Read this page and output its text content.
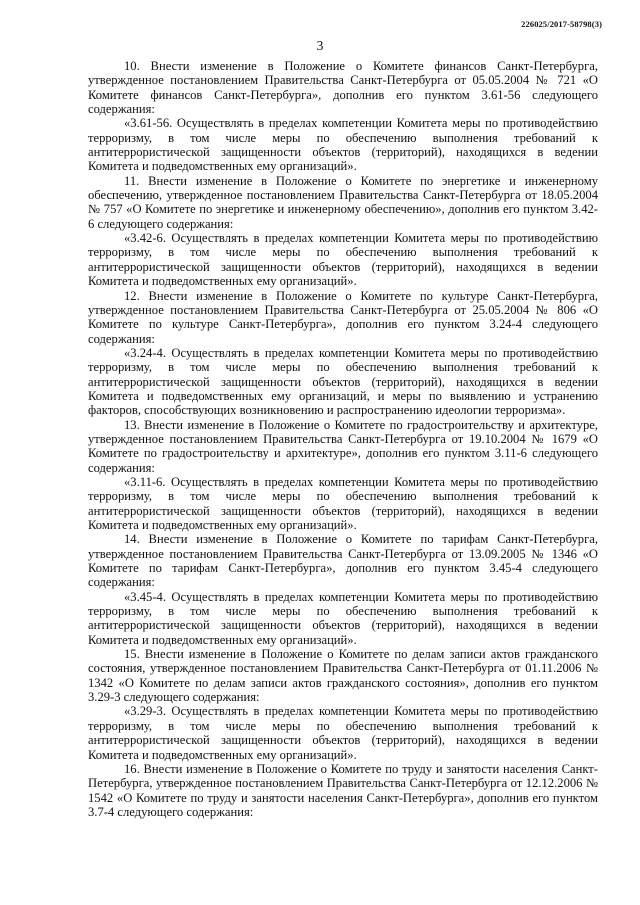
226025/2017-58798(3)
3

10. Внести изменение в Положение о Комитете финансов Санкт-Петербурга, утвержденное постановлением Правительства Санкт-Петербурга от 05.05.2004 № 721 «О Комитете финансов Санкт-Петербурга», дополнив его пунктом 3.61-56 следующего содержания:

«3.61-56. Осуществлять в пределах компетенции Комитета меры по противодействию терроризму, в том числе меры по обеспечению выполнения требований к антитеррористической защищенности объектов (территорий), находящихся в ведении Комитета и подведомственных ему организаций».

11. Внести изменение в Положение о Комитете по энергетике и инженерному обеспечению, утвержденное постановлением Правительства Санкт-Петербурга от 18.05.2004 № 757 «О Комитете по энергетике и инженерному обеспечению», дополнив его пунктом 3.42-6 следующего содержания:

«3.42-6. Осуществлять в пределах компетенции Комитета меры по противодействию терроризму, в том числе меры по обеспечению выполнения требований к антитеррористической защищенности объектов (территорий), находящихся в ведении Комитета и подведомственных ему организаций».

12. Внести изменение в Положение о Комитете по культуре Санкт-Петербурга, утвержденное постановлением Правительства Санкт-Петербурга от 25.05.2004 № 806 «О Комитете по культуре Санкт-Петербурга», дополнив его пунктом 3.24-4 следующего содержания:

«3.24-4. Осуществлять в пределах компетенции Комитета меры по противодействию терроризму, в том числе меры по обеспечению выполнения требований к антитеррористической защищенности объектов (территорий), находящихся в ведении Комитета и подведомственных ему организаций, и меры по выявлению и устранению факторов, способствующих возникновению и распространению идеологии терроризма».

13. Внести изменение в Положение о Комитете по градостроительству и архитектуре, утвержденное постановлением Правительства Санкт-Петербурга от 19.10.2004 № 1679 «О Комитете по градостроительству и архитектуре», дополнив его пунктом 3.11-6 следующего содержания:

«3.11-6. Осуществлять в пределах компетенции Комитета меры по противодействию терроризму, в том числе меры по обеспечению выполнения требований к антитеррористической защищенности объектов (территорий), находящихся в ведении Комитета и подведомственных ему организаций».

14. Внести изменение в Положение о Комитете по тарифам Санкт-Петербурга, утвержденное постановлением Правительства Санкт-Петербурга от 13.09.2005 № 1346 «О Комитете по тарифам Санкт-Петербурга», дополнив его пунктом 3.45-4 следующего содержания:

«3.45-4. Осуществлять в пределах компетенции Комитета меры по противодействию терроризму, в том числе меры по обеспечению выполнения требований к антитеррористической защищенности объектов (территорий), находящихся в ведении Комитета и подведомственных ему организаций».

15. Внести изменение в Положение о Комитете по делам записи актов гражданского состояния, утвержденное постановлением Правительства Санкт-Петербурга от 01.11.2006 № 1342 «О Комитете по делам записи актов гражданского состояния», дополнив его пунктом 3.29-3 следующего содержания:

«3.29-3. Осуществлять в пределах компетенции Комитета меры по противодействию терроризму, в том числе меры по обеспечению выполнения требований к антитеррористической защищенности объектов (территорий), находящихся в ведении Комитета и подведомственных ему организаций».

16. Внести изменение в Положение о Комитете по труду и занятости населения Санкт-Петербурга, утвержденное постановлением Правительства Санкт-Петербурга от 12.12.2006 № 1542 «О Комитете по труду и занятости населения Санкт-Петербурга», дополнив его пунктом 3.7-4 следующего содержания:
